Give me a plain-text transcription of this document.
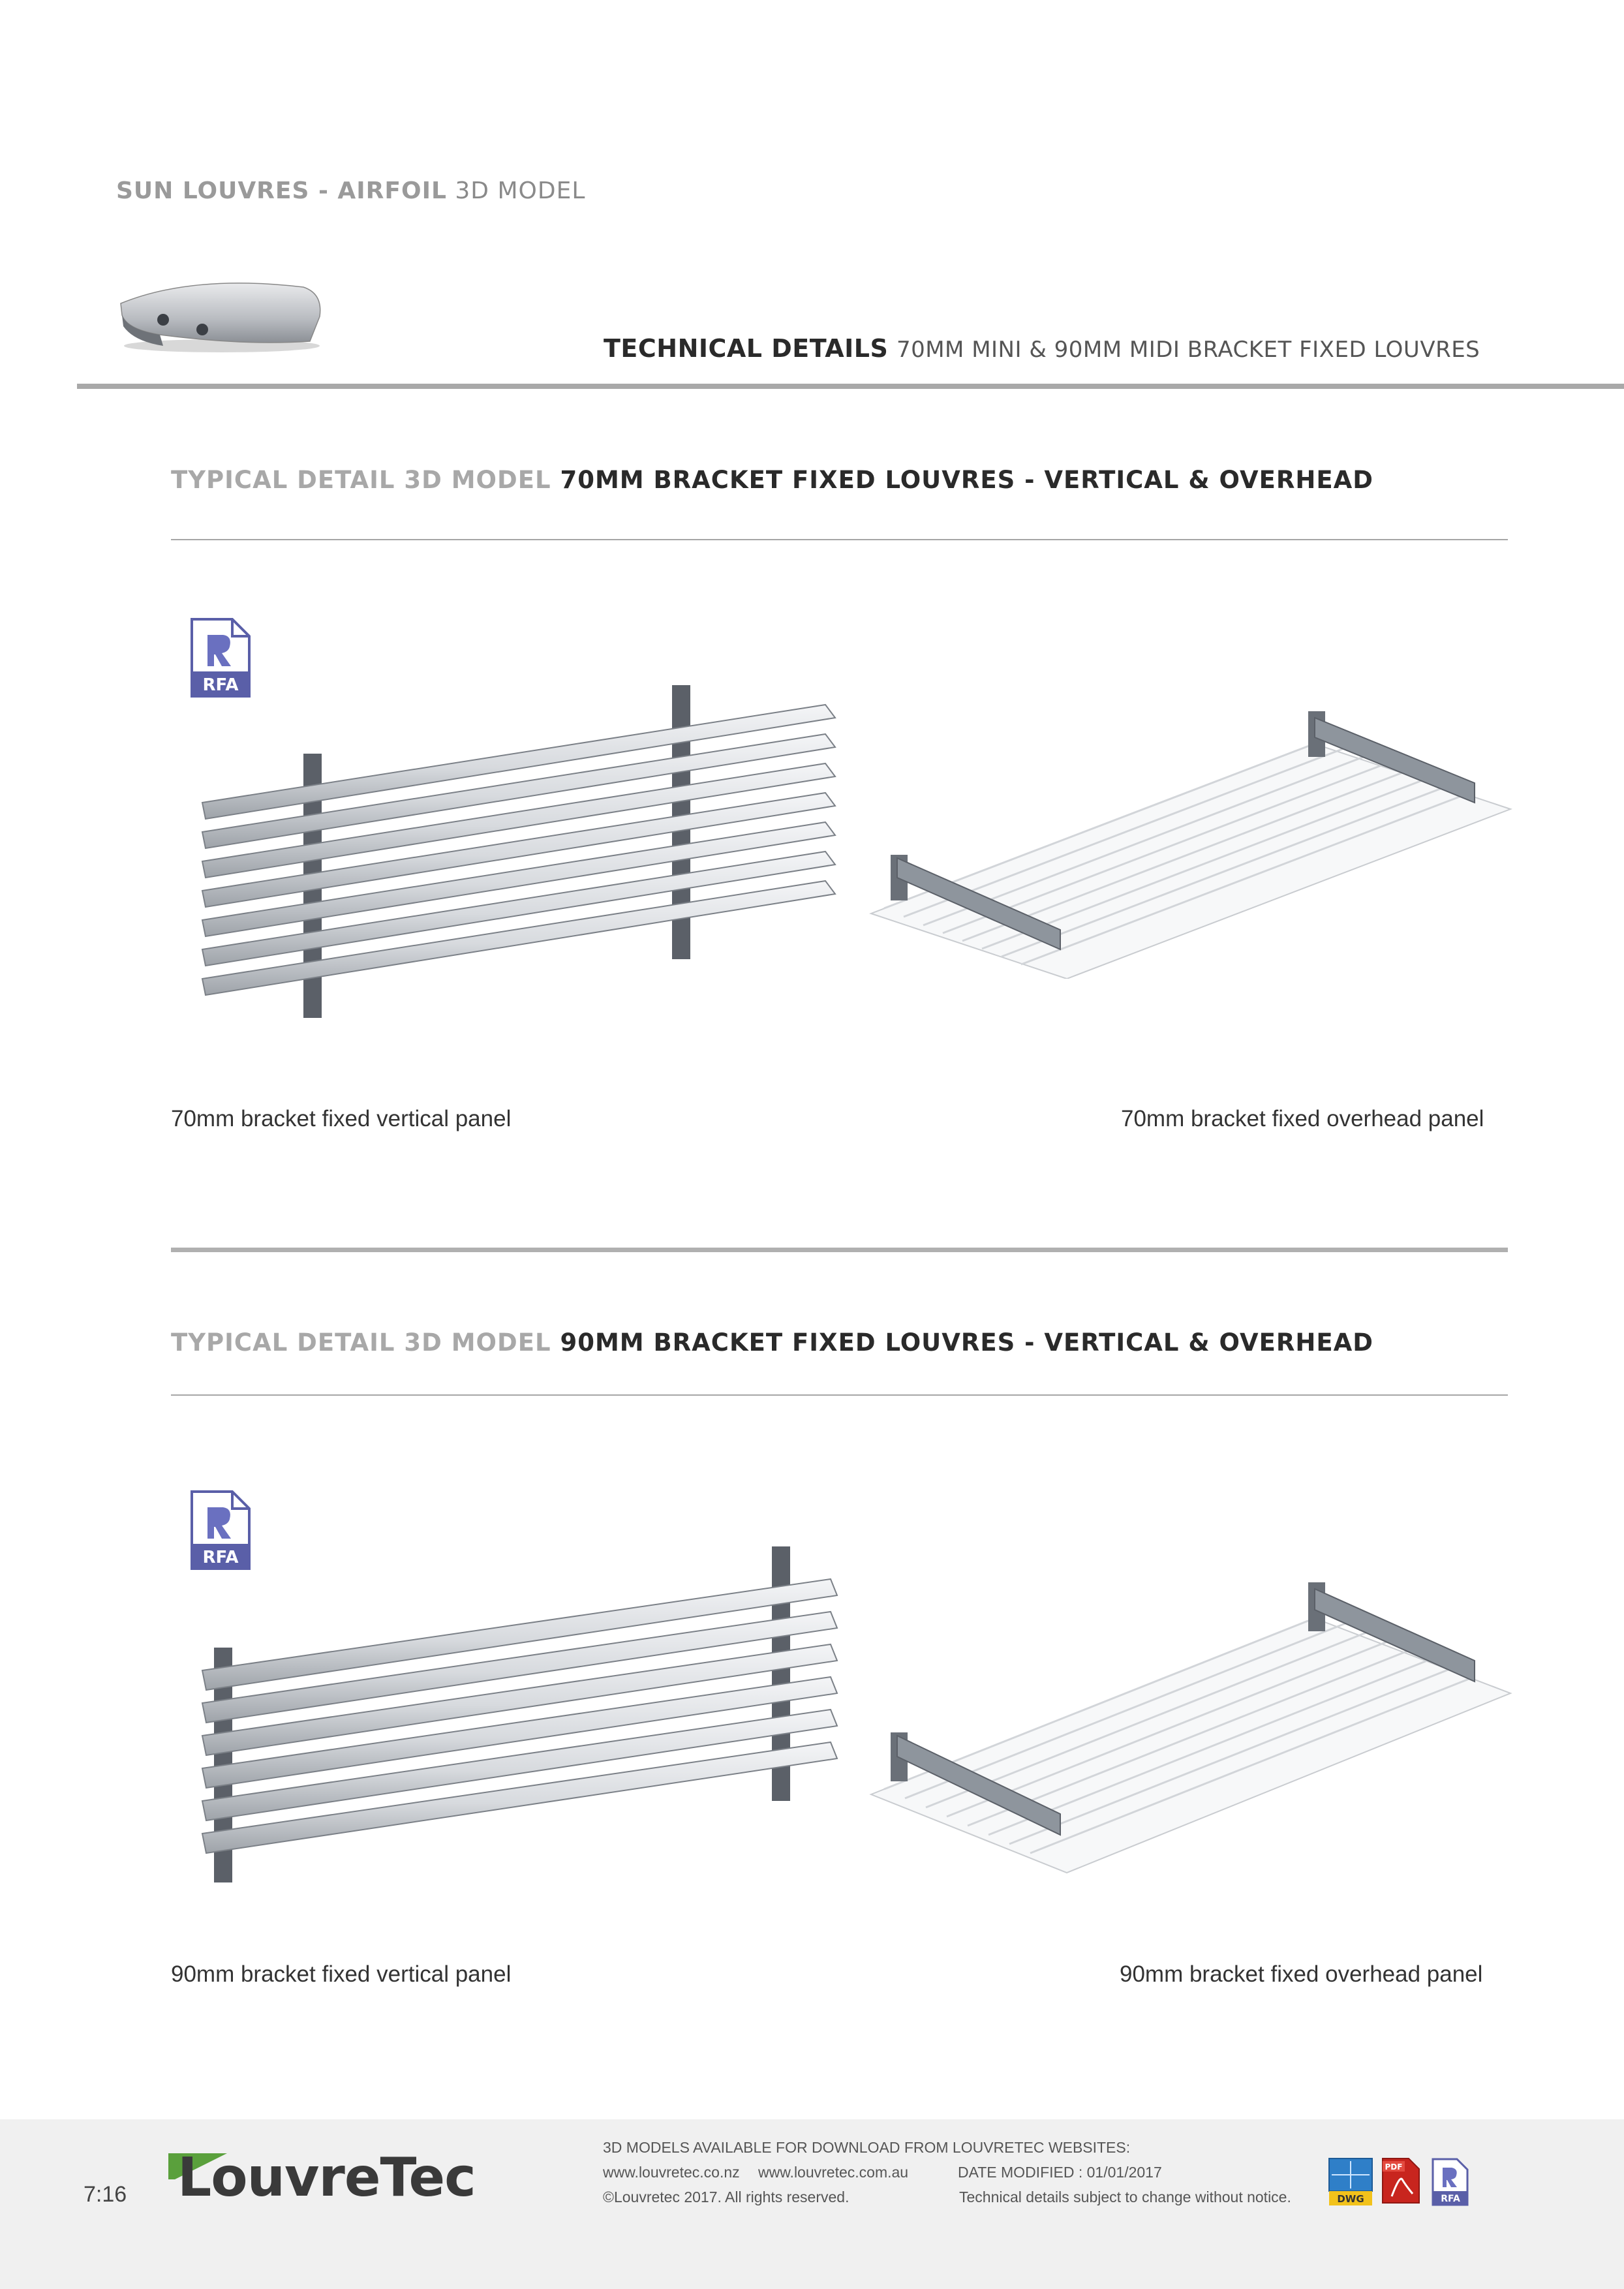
SUN LOUVRES - AIRFOIL 3D MODEL
TECHNICAL DETAILS 70MM MINI & 90MM MIDI BRACKET FIXED LOUVRES
TYPICAL DETAIL 3D MODEL 70MM BRACKET FIXED LOUVRES - VERTICAL & OVERHEAD
RFA
70mm bracket fixed vertical panel	70mm bracket fixed overhead panel
TYPICAL DETAIL 3D MODEL 90MM BRACKET FIXED LOUVRES - VERTICAL & OVERHEAD
RFA
90mm bracket fixed vertical panel	90mm bracket fixed overhead panel
7:16 LouvreTec	3D MODELS AVAILABLE FOR DOWNLOAD FROM LOUVRETEC WEBSITES:
www.louvretec.co.nz www.louvretec.com.au	DATE MODIFIED : 01/01/2017
©Louvretec 2017. All rights reserved.	Technical details subject to change without notice.	DWG
PDF
RFA
